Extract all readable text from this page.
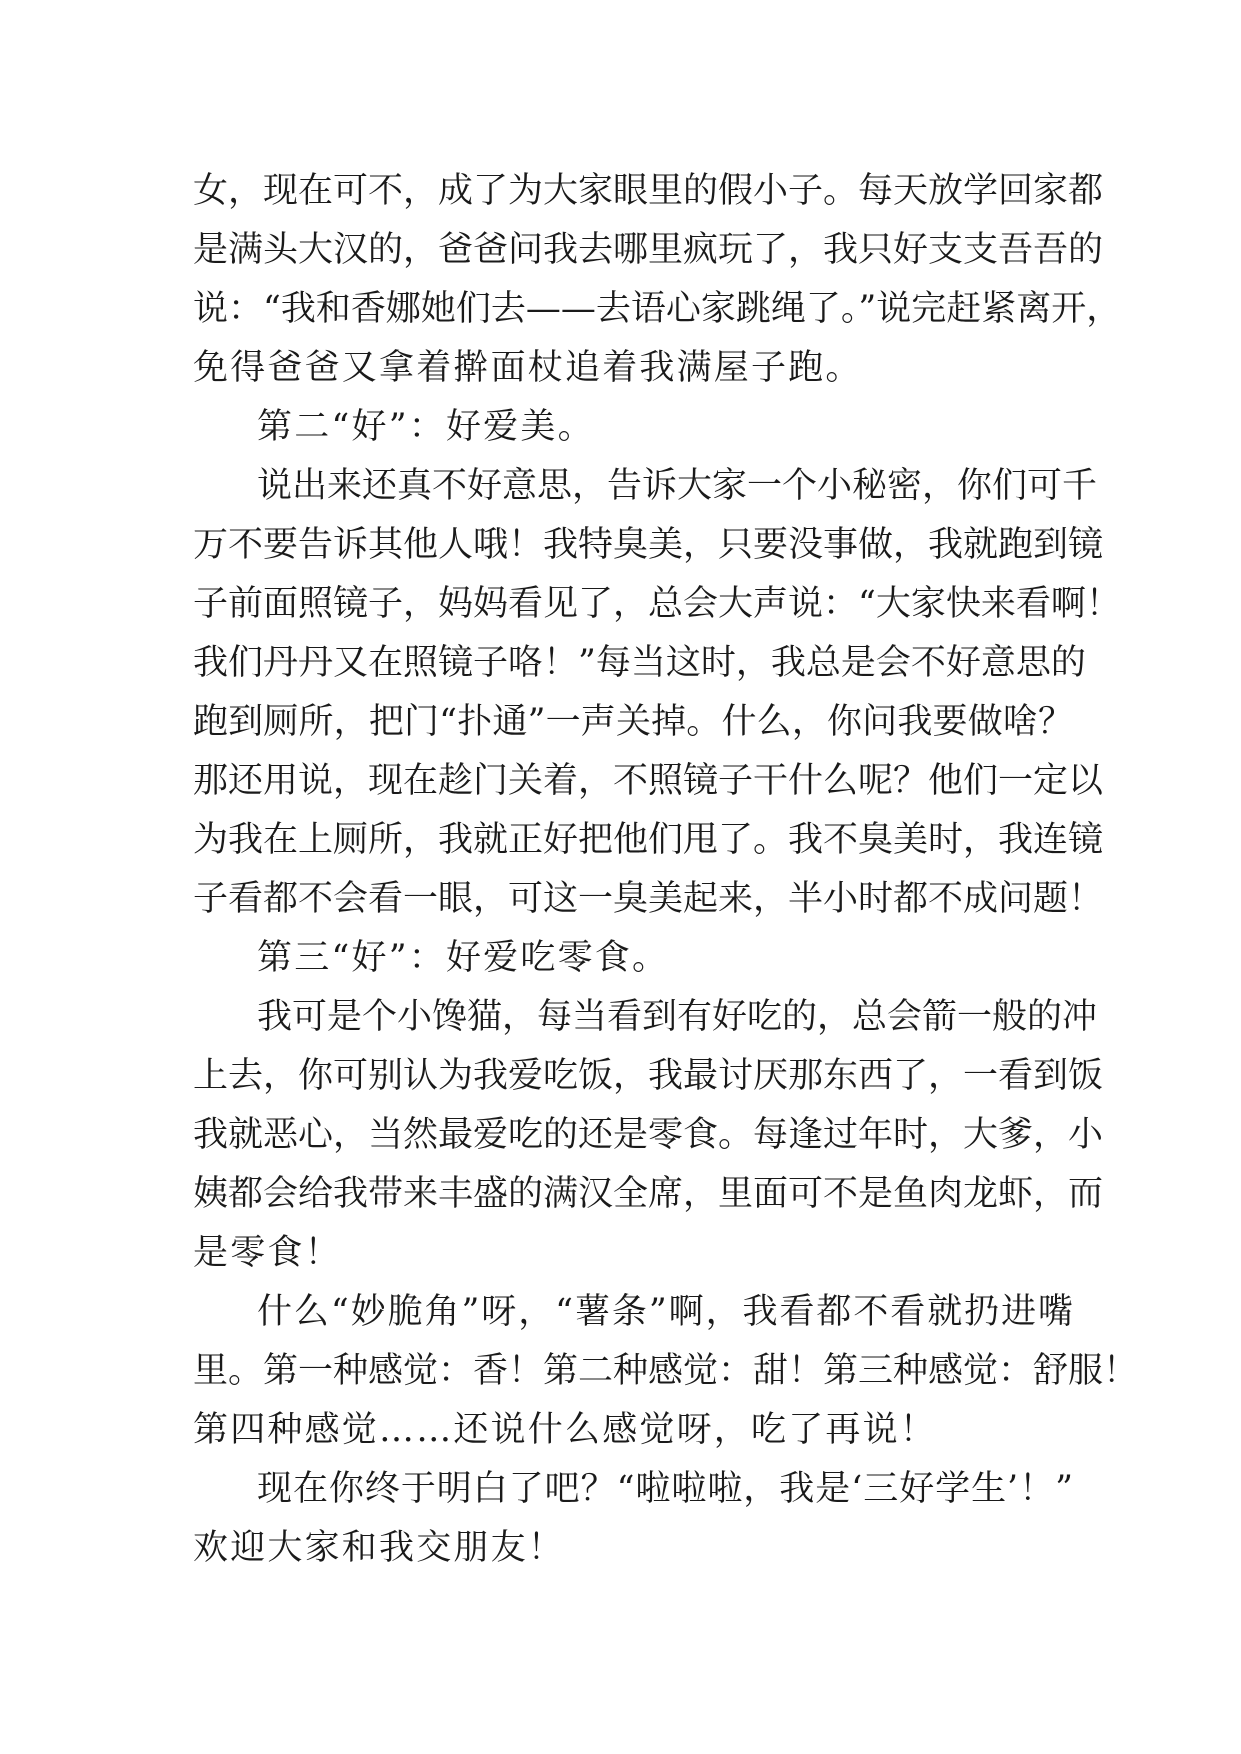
女，现在可不，成了为大家眼里的假小子。每天放学回家都
是满头大汉的，爸爸问我去哪里疯玩了，我只好支支吾吾的
说：“我和香娜她们去——去语心家跳绳了。”说完赶紧离开，
免得爸爸又拿着擀面杖追着我满屋子跑。
第二“好”：好爱美。
说出来还真不好意思，告诉大家一个小秘密，你们可千
万不要告诉其他人哦！我特臭美，只要没事做，我就跑到镜
子前面照镜子，妈妈看见了，总会大声说：“大家快来看啊！
我们丹丹又在照镜子咯！”每当这时，我总是会不好意思的
跑到厕所，把门“扑通”一声关掉。什么，你问我要做啥？
那还用说，现在趁门关着，不照镜子干什么呢？他们一定以
为我在上厕所，我就正好把他们甩了。我不臭美时，我连镜
子看都不会看一眼，可这一臭美起来，半小时都不成问题！
第三“好”：好爱吃零食。
我可是个小馋猫，每当看到有好吃的，总会箭一般的冲
上去，你可别认为我爱吃饭，我最讨厌那东西了，一看到饭
我就恶心，当然最爱吃的还是零食。每逢过年时，大爹，小
姨都会给我带来丰盛的满汉全席，里面可不是鱼肉龙虾，而
是零食！
什么“妙脆角”呀，“薯条”啊，我看都不看就扔进嘴
里。第一种感觉：香！第二种感觉：甜！第三种感觉：舒服！
第四种感觉……还说什么感觉呀，吃了再说！
现在你终于明白了吧？“啦啦啦，我是‘三好学生’！”
欢迎大家和我交朋友！
